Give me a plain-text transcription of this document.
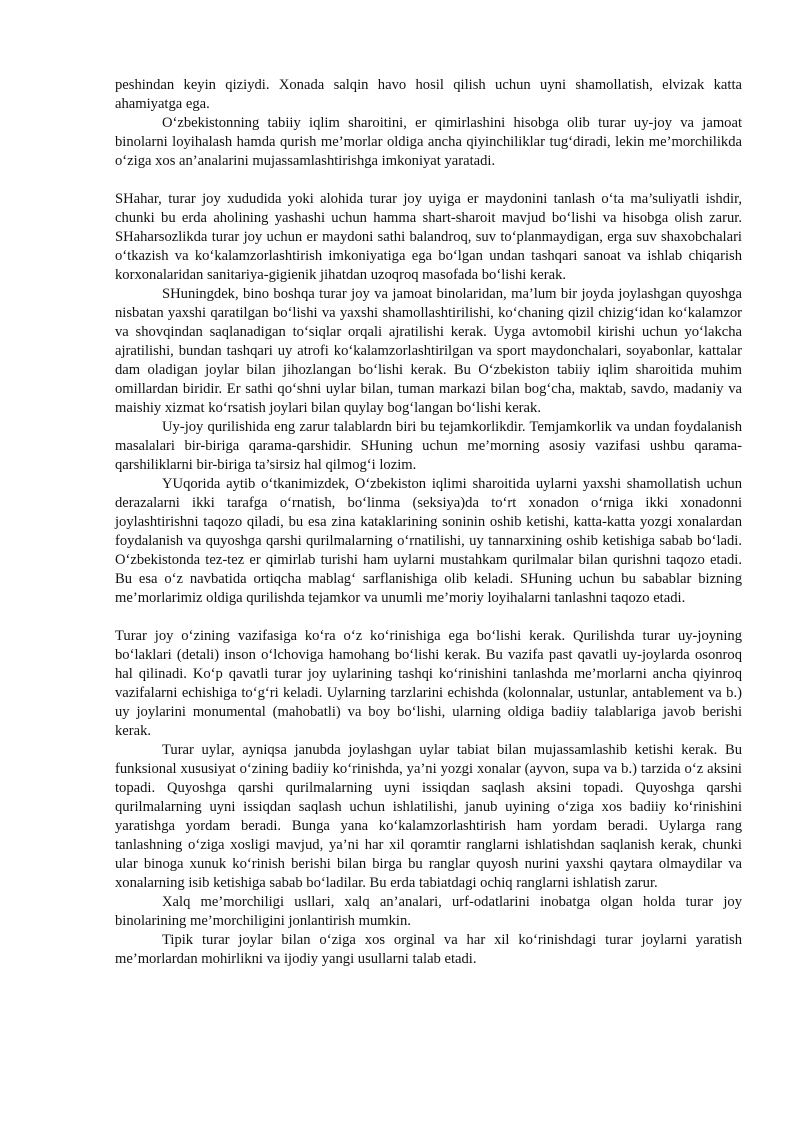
peshindan keyin qiziydi. Xonada salqin havo hosil qilish uchun uyni shamollatish, elvizak katta ahamiyatga ega.

O‘zbekistonning tabiiy iqlim sharoitini, er qimirlashini hisobga olib turar uy-joy va jamoat binolarni loyihalash hamda qurish me’morlar oldiga ancha qiyinchiliklar tug‘diradi, lekin me’morchilikda o‘ziga xos an’analarini mujassamlashtirishga imkoniyat yaratadi.

SHahar, turar joy xududida yoki alohida turar joy uyiga er maydonini tanlash o‘ta ma’suliyatli ishdir, chunki bu erda aholining yashashi uchun hamma shart-sharoit mavjud bo‘lishi va hisobga olish zarur. SHaharsozlikda turar joy uchun er maydoni sathi balandroq, suv to‘planmaydigan, erga suv shaxobchalari o‘tkazish va ko‘kalamzorlashtirish imkoniyatiga ega bo‘lgan undan tashqari sanoat va ishlab chiqarish korxonalaridan sanitariya-gigienik jihatdan uzoqroq masofada bo‘lishi kerak.

SHuningdek, bino boshqa turar joy va jamoat binolaridan, ma’lum bir joyda joylashgan quyoshga nisbatan yaxshi qaratilgan bo‘lishi va yaxshi shamollashtirilishi, ko‘chaning qizil chizig‘idan ko‘kalamzor va shovqindan saqlanadigan to‘siqlar orqali ajratilishi kerak. Uyga avtomobil kirishi uchun yo‘lakcha ajratilishi, bundan tashqari uy atrofi ko‘kalamzorlashtirilgan va sport maydonchalari, soyabonlar, kattalar dam oladigan joylar bilan jihozlangan bo‘lishi kerak. Bu O‘zbekiston tabiiy iqlim sharoitida muhim omillardan biridir. Er sathi qo‘shni uylar bilan, tuman markazi bilan bog‘cha, maktab, savdo, madaniy va maishiy xizmat ko‘rsatish joylari bilan quylay bog‘langan bo‘lishi kerak.

Uy-joy qurilishida eng zarur talablardn biri bu tejamkorlikdir. Temjamkorlik va undan foydalanish masalalari bir-biriga qarama-qarshidir. SHuning uchun me’morning asosiy vazifasi ushbu qarama-qarshiliklarni bir-biriga ta’sirsiz hal qilmog‘i lozim.

YUqorida aytib o‘tkanimizdek, O‘zbekiston iqlimi sharoitida uylarni yaxshi shamollatish uchun derazalarni ikki tarafga o‘rnatish, bo‘linma (seksiya)da to‘rt xonadon o‘rniga ikki xonadonni joylashtirishni taqozo qiladi, bu esa zina kataklarining soninin oshib ketishi, katta-katta yozgi xonalardan foydalanish va quyoshga qarshi qurilmalarning o‘rnatilishi, uy tannarxining oshib ketishiga sabab bo‘ladi. O‘zbekistonda tez-tez er qimirlab turishi ham uylarni mustahkam qurilmalar bilan qurishni taqozo etadi. Bu esa o‘z navbatida ortiqcha mablag‘ sarflanishiga olib keladi. SHuning uchun bu sabablar bizning me’morlarimiz oldiga qurilishda tejamkor va unumli me’moriy loyihalarni tanlashni taqozo etadi.

Turar joy o‘zining vazifasiga ko‘ra o‘z ko‘rinishiga ega bo‘lishi kerak. Qurilishda turar uy-joyning bo‘laklari (detali) inson o‘lchoviga hamohang bo‘lishi kerak. Bu vazifa past qavatli uy-joylarda osonroq hal qilinadi. Ko‘p qavatli turar joy uylarining tashqi ko‘rinishini tanlashda me’morlarni ancha qiyinroq vazifalarni echishiga to‘g‘ri keladi. Uylarning tarzlarini echishda (kolonnalar, ustunlar, antablement va b.) uy joylarini monumental (mahobatli) va boy bo‘lishi, ularning oldiga badiiy talablariga javob berishi kerak.

Turar uylar, ayniqsa janubda joylashgan uylar tabiat bilan mujassamlashib ketishi kerak. Bu funksional xususiyat o‘zining badiiy ko‘rinishda, ya’ni yozgi xonalar (ayvon, supa va b.) tarzida o‘z aksini topadi. Quyoshga qarshi qurilmalarning uyni issiqdan saqlash aksini topadi. Quyoshga qarshi qurilmalarning uyni issiqdan saqlash uchun ishlatilishi, janub uyining o‘ziga xos badiiy ko‘rinishini yaratishga yordam beradi. Bunga yana ko‘kalamzorlashtirish ham yordam beradi. Uylarga rang tanlashning o‘ziga xosligi mavjud, ya’ni har xil qoramtir ranglarni ishlatishdan saqlanish kerak, chunki ular binoga xunuk ko‘rinish berishi bilan birga bu ranglar quyosh nurini yaxshi qaytara olmaydilar va xonalarning isib ketishiga sabab bo‘ladilar. Bu erda tabiatdagi ochiq ranglarni ishlatish zarur.

Xalq me’morchiligi usllari, xalq an’analari, urf-odatlarini inobatga olgan holda turar joy binolarining me’morchiligini jonlantirish mumkin.

Tipik turar joylar bilan o‘ziga xos orginal va har xil ko‘rinishdagi turar joylarni yaratish me’morlardan mohirlikni va ijodiy yangi usullarni talab etadi.
